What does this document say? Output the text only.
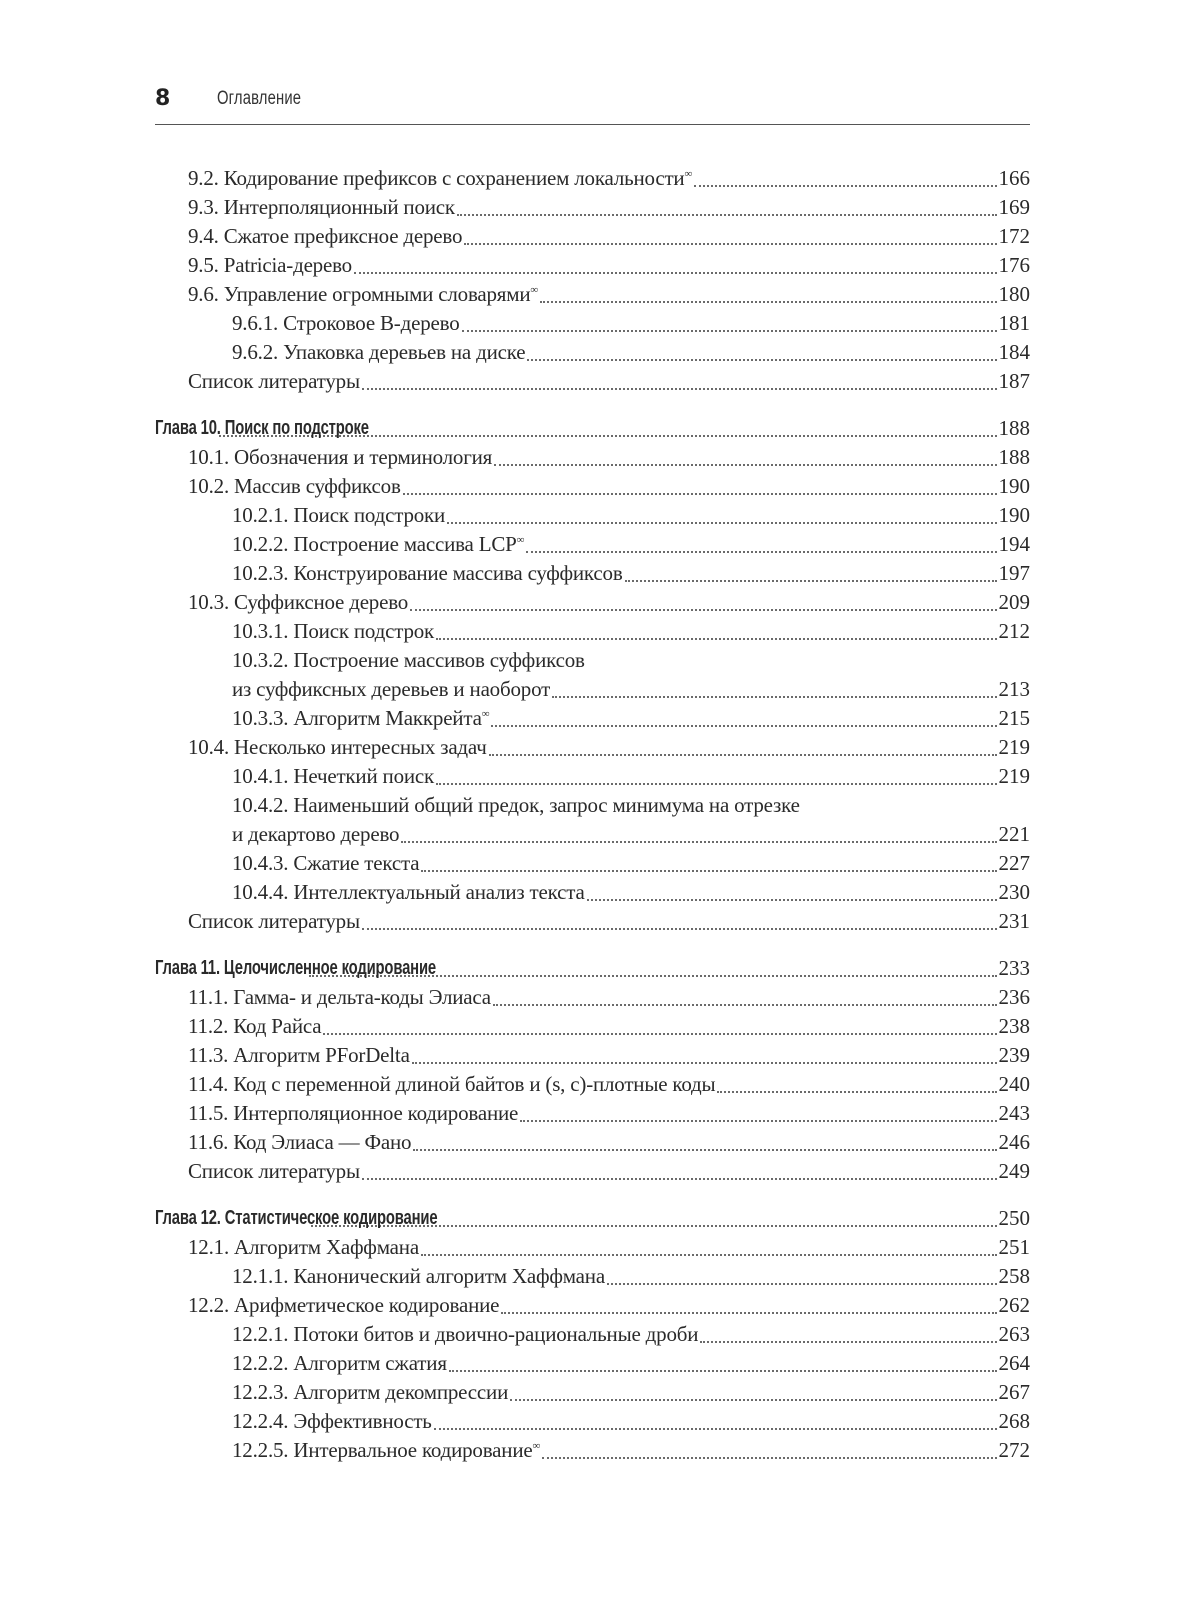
8 Оглавление
9.2. Кодирование префиксов с сохранением локальности∞	166
9.3. Интерполяционный поиск	169
9.4. Сжатое префиксное дерево	172
9.5. Patricia-дерево	176
9.6. Управление огромными словарями∞	180
9.6.1. Строковое B-дерево	181
9.6.2. Упаковка деревьев на диске	184
Список литературы	187
Глава 10. Поиск по подстроке	188
10.1. Обозначения и терминология	188
10.2. Массив суффиксов	190
10.2.1. Поиск подстроки	190
10.2.2. Построение массива LCP∞	194
10.2.3. Конструирование массива суффиксов	197
10.3. Суффиксное дерево	209
10.3.1. Поиск подстрок	212
10.3.2. Построение массивов суффиксов
из суффиксных деревьев и наоборот	213
10.3.3. Алгоритм Маккрейта∞	215
10.4. Несколько интересных задач	219
10.4.1. Нечеткий поиск	219
10.4.2. Наименьший общий предок, запрос минимума на отрезке
и декартово дерево	221
10.4.3. Сжатие текста	227
10.4.4. Интеллектуальный анализ текста	230
Список литературы	231
Глава 11. Целочисленное кодирование	233
11.1. Гамма- и дельта-коды Элиаса	236
11.2. Код Райса	238
11.3. Алгоритм PForDelta	239
11.4. Код с переменной длиной байтов и (s, c)-плотные коды	240
11.5. Интерполяционное кодирование	243
11.6. Код Элиаса — Фано	246
Список литературы	249
Глава 12. Статистическое кодирование	250
12.1. Алгоритм Хаффмана	251
12.1.1. Канонический алгоритм Хаффмана	258
12.2. Арифметическое кодирование	262
12.2.1. Потоки битов и двоично-рациональные дроби	263
12.2.2. Алгоритм сжатия	264
12.2.3. Алгоритм декомпрессии	267
12.2.4. Эффективность	268
12.2.5. Интервальное кодирование∞	272
